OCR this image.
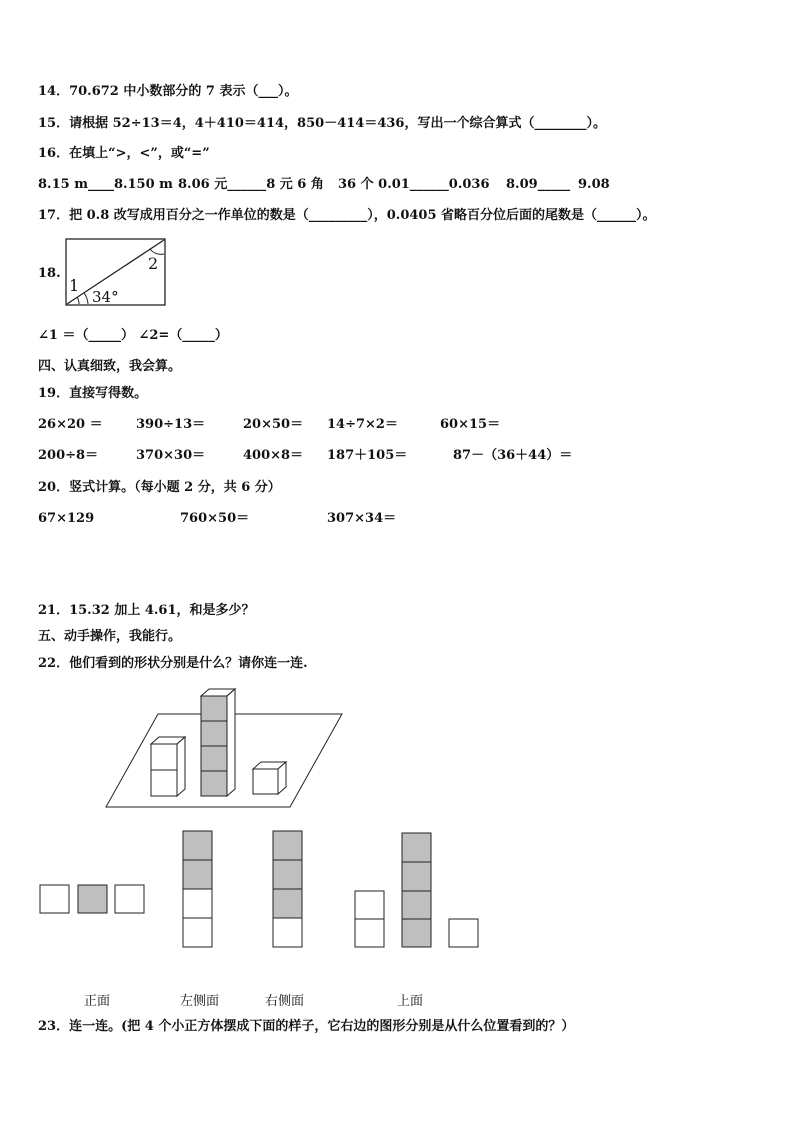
14．70.672 中小数部分的 7 表示（___）。
15．请根据 52÷13＝4，4＋410＝414，850－414＝436，写出一个综合算式（________）。
16．在填上“>，<”，或“=”
8.15 m____8.150 m 8.06 元______8 元 6 角 36 个 0.01______0.036 8.09_____ 9.08
17．把 0.8 改写成用百分之一作单位的数是（_________），0.0405 省略百分位后面的尾数是（______）。
18.
1
2
34°
∠1 ＝（_____） ∠2=（_____）
四、认真细致，我会算。
19．直接写得数。
26×20 ＝	390÷13＝	20×50＝ 14÷7×2＝	60×15＝
200÷8＝	370×30＝	400×8＝ 187＋105＝	87－（36＋44）＝
20．竖式计算。（每小题 2 分，共 6 分）
67×129	760×50＝	307×34＝
21．15.32 加上 4.61，和是多少？
五、动手操作，我能行。
22．他们看到的形状分别是什么？请你连一连.
正面	左侧面	右侧面	上面
23．连一连。(把 4 个小正方体摆成下面的样子，它右边的图形分别是从什么位置看到的？）
